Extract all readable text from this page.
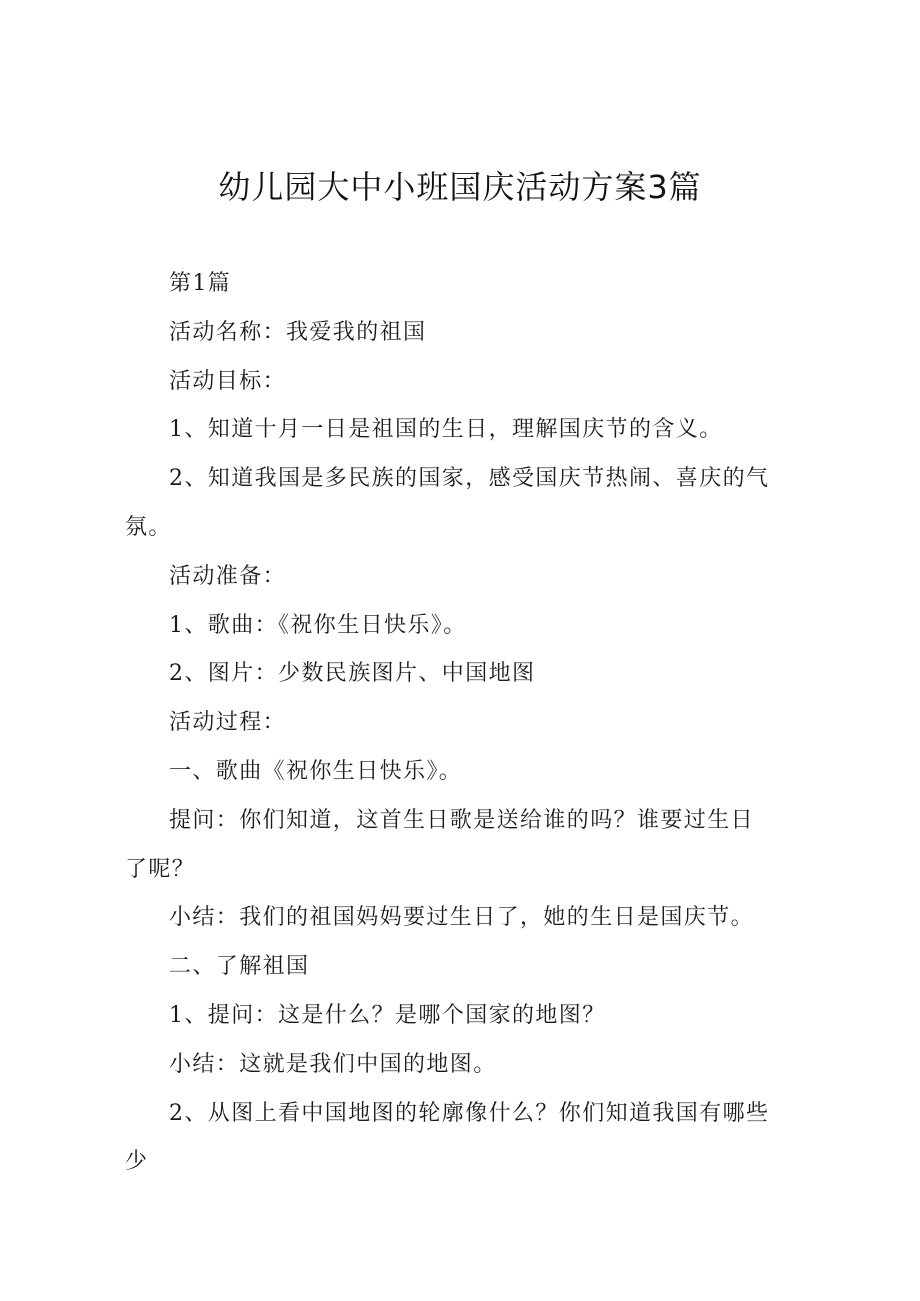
幼儿园大中小班国庆活动方案3篇

第1篇

活动名称：我爱我的祖国

活动目标：

1、知道十月一日是祖国的生日，理解国庆节的含义。

2、知道我国是多民族的国家，感受国庆节热闹、喜庆的气氛。

活动准备：

1、歌曲：《祝你生日快乐》。

2、图片：少数民族图片、中国地图

活动过程：

一、歌曲《祝你生日快乐》。

提问：你们知道，这首生日歌是送给谁的吗？谁要过生日了呢？

小结：我们的祖国妈妈要过生日了，她的生日是国庆节。

二、了解祖国

1、提问：这是什么？是哪个国家的地图？

小结：这就是我们中国的地图。

2、从图上看中国地图的轮廓像什么？你们知道我国有哪些少
